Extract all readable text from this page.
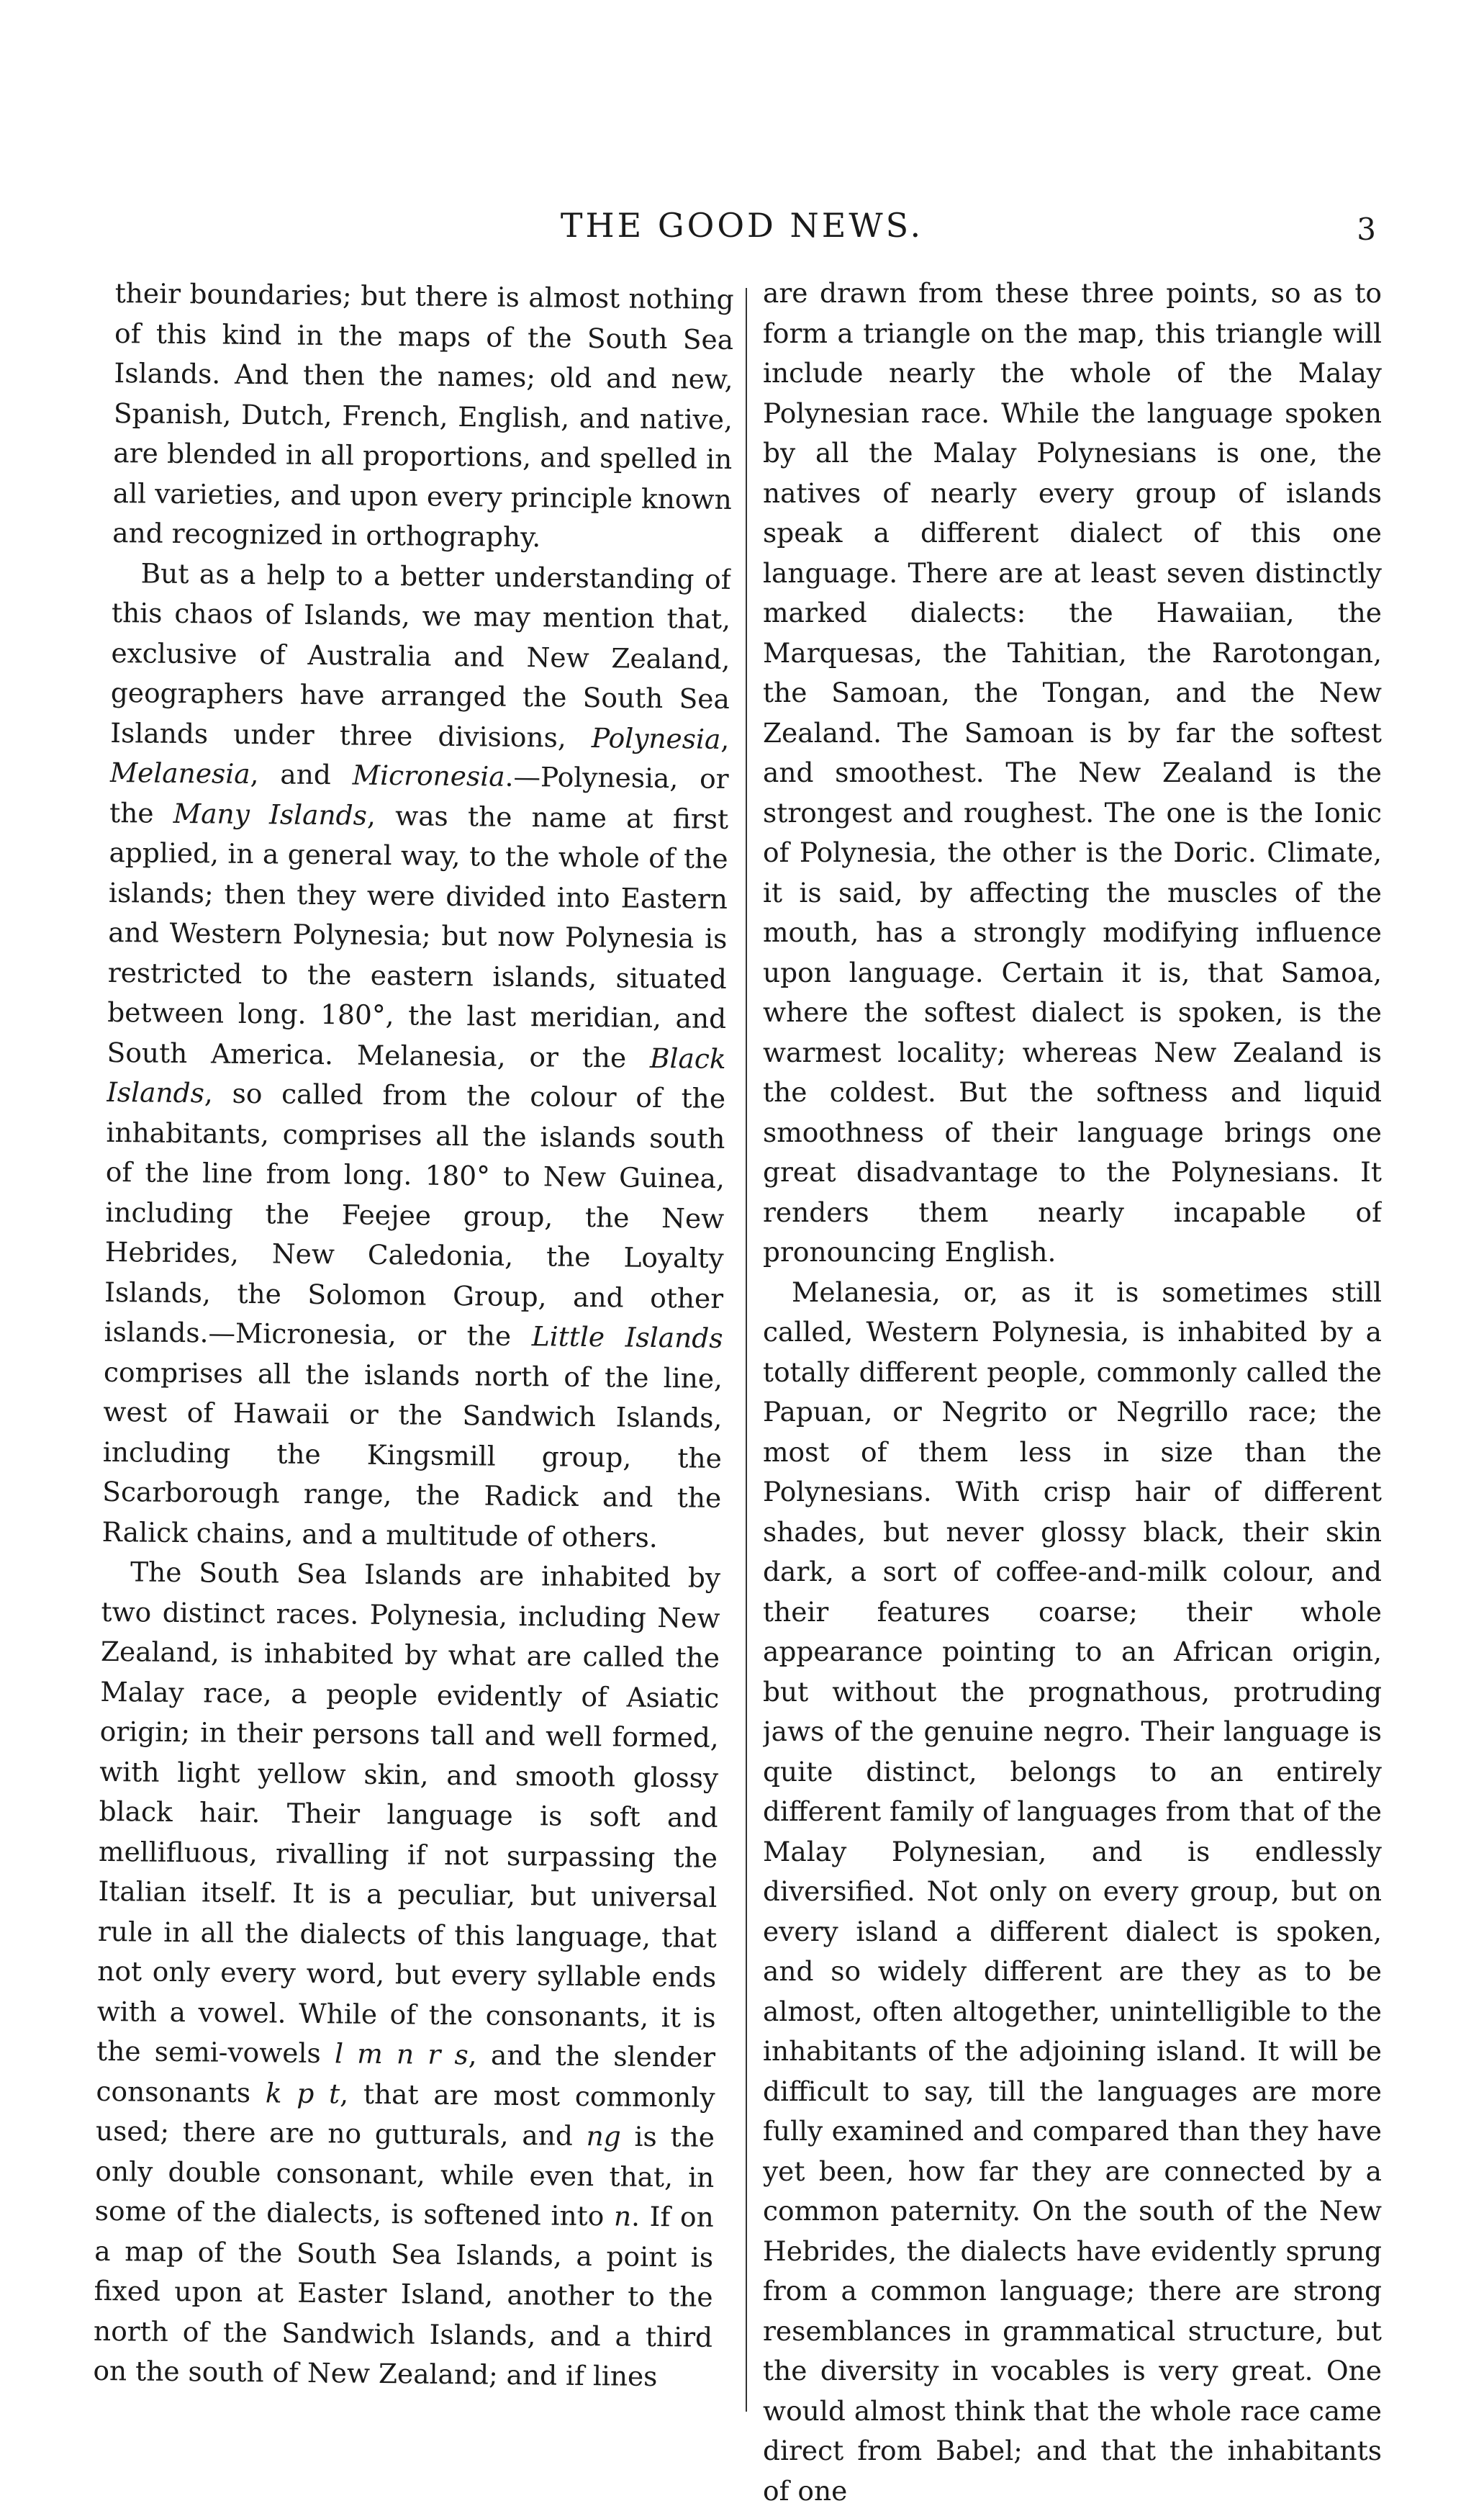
THE GOOD NEWS.	3

their boundaries; but there is almost nothing of this kind in the maps of the South Sea Islands. And then the names; old and new, Spanish, Dutch, French, English, and native, are blended in all proportions, and spelled in all varieties, and upon every principle known and recognized in orthography.

But as a help to a better understanding of this chaos of Islands, we may mention that, exclusive of Australia and New Zealand, geographers have arranged the South Sea Islands under three divisions, Polynesia, Melanesia, and Micronesia.—Polynesia, or the Many Islands, was the name at first applied, in a general way, to the whole of the islands; then they were divided into Eastern and Western Polynesia; but now Polynesia is restricted to the eastern islands, situated between long. 180°, the last meridian, and South America. Melanesia, or the Black Islands, so called from the colour of the inhabitants, comprises all the islands south of the line from long. 180° to New Guinea, including the Feejee group, the New Hebrides, New Caledonia, the Loyalty Islands, the Solomon Group, and other islands.—Micronesia, or the Little Islands comprises all the islands north of the line, west of Hawaii or the Sandwich Islands, including the Kingsmill group, the Scarborough range, the Radick and the Ralick chains, and a multitude of others.

The South Sea Islands are inhabited by two distinct races. Polynesia, including New Zealand, is inhabited by what are called the Malay race, a people evidently of Asiatic origin; in their persons tall and well formed, with light yellow skin, and smooth glossy black hair. Their language is soft and mellifluous, rivalling if not surpassing the Italian itself. It is a peculiar, but universal rule in all the dialects of this language, that not only every word, but every syllable ends with a vowel. While of the consonants, it is the semi-vowels l m n r s, and the slender consonants k p t, that are most commonly used; there are no gutturals, and ng is the only double consonant, while even that, in some of the dialects, is softened into n. If on a map of the South Sea Islands, a point is fixed upon at Easter Island, another to the north of the Sandwich Islands, and a third on the south of New Zealand; and if lines

are drawn from these three points, so as to form a triangle on the map, this triangle will include nearly the whole of the Malay Polynesian race. While the language spoken by all the Malay Polynesians is one, the natives of nearly every group of islands speak a different dialect of this one language. There are at least seven distinctly marked dialects: the Hawaiian, the Marquesas, the Tahitian, the Rarotongan, the Samoan, the Tongan, and the New Zealand. The Samoan is by far the softest and smoothest. The New Zealand is the strongest and roughest. The one is the Ionic of Polynesia, the other is the Doric. Climate, it is said, by affecting the muscles of the mouth, has a strongly modifying influence upon language. Certain it is, that Samoa, where the softest dialect is spoken, is the warmest locality; whereas New Zealand is the coldest. But the softness and liquid smoothness of their language brings one great disadvantage to the Polynesians. It renders them nearly incapable of pronouncing English.

Melanesia, or, as it is sometimes still called, Western Polynesia, is inhabited by a totally different people, commonly called the Papuan, or Negrito or Negrillo race; the most of them less in size than the Polynesians. With crisp hair of different shades, but never glossy black, their skin dark, a sort of coffee-and-milk colour, and their features coarse; their whole appearance pointing to an African origin, but without the prognathous, protruding jaws of the genuine negro. Their language is quite distinct, belongs to an entirely different family of languages from that of the Malay Polynesian, and is endlessly diversified. Not only on every group, but on every island a different dialect is spoken, and so widely different are they as to be almost, often altogether, unintelligible to the inhabitants of the adjoining island. It will be difficult to say, till the languages are more fully examined and compared than they have yet been, how far they are connected by a common paternity. On the south of the New Hebrides, the dialects have evidently sprung from a common language; there are strong resemblances in grammatical structure, but the diversity in vocables is very great. One would almost think that the whole race came direct from Babel; and that the inhabitants of one
